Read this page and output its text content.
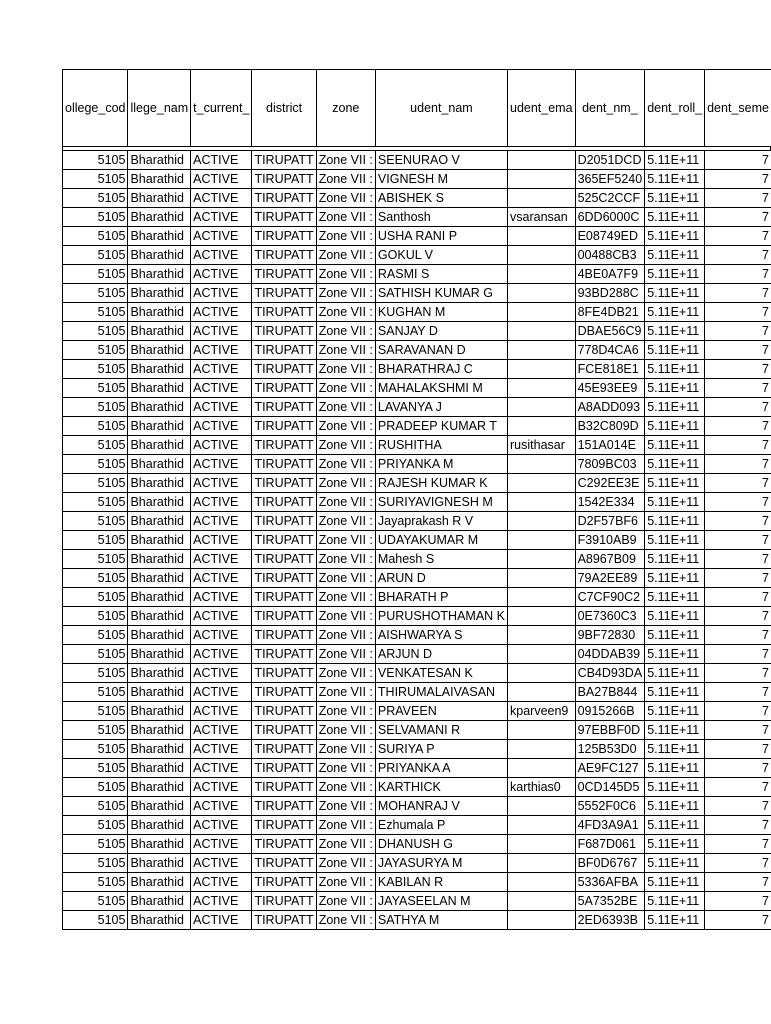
ollege_cod	llege_nam	t_current_	district	zone	udent_nam	udent_ema	dent_nm_	dent_roll_	dent_seme

5105	Bharathid	ACTIVE	TIRUPATT	Zone VII :	SEENURAO V		D2051DCD	5.11E+11	7
5105	Bharathid	ACTIVE	TIRUPATT	Zone VII :	VIGNESH M		365EF5240	5.11E+11	7
5105	Bharathid	ACTIVE	TIRUPATT	Zone VII :	ABISHEK S		525C2CCF	5.11E+11	7
5105	Bharathid	ACTIVE	TIRUPATT	Zone VII :	Santhosh	vsaransan	6DD6000C	5.11E+11	7
5105	Bharathid	ACTIVE	TIRUPATT	Zone VII :	USHA RANI P		E08749ED	5.11E+11	7
5105	Bharathid	ACTIVE	TIRUPATT	Zone VII :	GOKUL V		00488CB3	5.11E+11	7
5105	Bharathid	ACTIVE	TIRUPATT	Zone VII :	RASMI S		4BE0A7F9	5.11E+11	7
5105	Bharathid	ACTIVE	TIRUPATT	Zone VII :	SATHISH KUMAR G		93BD288C	5.11E+11	7
5105	Bharathid	ACTIVE	TIRUPATT	Zone VII :	KUGHAN M		8FE4DB21	5.11E+11	7
5105	Bharathid	ACTIVE	TIRUPATT	Zone VII :	SANJAY D		DBAE56C9	5.11E+11	7
5105	Bharathid	ACTIVE	TIRUPATT	Zone VII :	SARAVANAN D		778D4CA6	5.11E+11	7
5105	Bharathid	ACTIVE	TIRUPATT	Zone VII :	BHARATHRAJ C		FCE818E1	5.11E+11	7
5105	Bharathid	ACTIVE	TIRUPATT	Zone VII :	MAHALAKSHMI M		45E93EE9	5.11E+11	7
5105	Bharathid	ACTIVE	TIRUPATT	Zone VII :	LAVANYA J		A8ADD093	5.11E+11	7
5105	Bharathid	ACTIVE	TIRUPATT	Zone VII :	PRADEEP KUMAR T		B32C809D	5.11E+11	7
5105	Bharathid	ACTIVE	TIRUPATT	Zone VII :	RUSHITHA	rusithasar	151A014E	5.11E+11	7
5105	Bharathid	ACTIVE	TIRUPATT	Zone VII :	PRIYANKA M		7809BC03	5.11E+11	7
5105	Bharathid	ACTIVE	TIRUPATT	Zone VII :	RAJESH KUMAR K		C292EE3E	5.11E+11	7
5105	Bharathid	ACTIVE	TIRUPATT	Zone VII :	SURIYAVIGNESH M		1542E334	5.11E+11	7
5105	Bharathid	ACTIVE	TIRUPATT	Zone VII :	Jayaprakash R V		D2F57BF6	5.11E+11	7
5105	Bharathid	ACTIVE	TIRUPATT	Zone VII :	UDAYAKUMAR M		F3910AB9	5.11E+11	7
5105	Bharathid	ACTIVE	TIRUPATT	Zone VII :	Mahesh S		A8967B09	5.11E+11	7
5105	Bharathid	ACTIVE	TIRUPATT	Zone VII :	ARUN D		79A2EE89	5.11E+11	7
5105	Bharathid	ACTIVE	TIRUPATT	Zone VII :	BHARATH P		C7CF90C2	5.11E+11	7
5105	Bharathid	ACTIVE	TIRUPATT	Zone VII :	PURUSHOTHAMAN K		0E7360C3	5.11E+11	7
5105	Bharathid	ACTIVE	TIRUPATT	Zone VII :	AISHWARYA S		9BF72830	5.11E+11	7
5105	Bharathid	ACTIVE	TIRUPATT	Zone VII :	ARJUN D		04DDAB39	5.11E+11	7
5105	Bharathid	ACTIVE	TIRUPATT	Zone VII :	VENKATESAN K		CB4D93DA	5.11E+11	7
5105	Bharathid	ACTIVE	TIRUPATT	Zone VII :	THIRUMALAIVASAN		BA27B844	5.11E+11	7
5105	Bharathid	ACTIVE	TIRUPATT	Zone VII :	PRAVEEN	kparveen9	0915266B	5.11E+11	7
5105	Bharathid	ACTIVE	TIRUPATT	Zone VII :	SELVAMANI R		97EBBF0D	5.11E+11	7
5105	Bharathid	ACTIVE	TIRUPATT	Zone VII :	SURIYA P		125B53D0	5.11E+11	7
5105	Bharathid	ACTIVE	TIRUPATT	Zone VII :	PRIYANKA A		AE9FC127	5.11E+11	7
5105	Bharathid	ACTIVE	TIRUPATT	Zone VII :	KARTHICK	karthias0	0CD145D5	5.11E+11	7
5105	Bharathid	ACTIVE	TIRUPATT	Zone VII :	MOHANRAJ V		5552F0C6	5.11E+11	7
5105	Bharathid	ACTIVE	TIRUPATT	Zone VII :	Ezhumala P		4FD3A9A1	5.11E+11	7
5105	Bharathid	ACTIVE	TIRUPATT	Zone VII :	DHANUSH G		F687D061	5.11E+11	7
5105	Bharathid	ACTIVE	TIRUPATT	Zone VII :	JAYASURYA M		BF0D6767	5.11E+11	7
5105	Bharathid	ACTIVE	TIRUPATT	Zone VII :	KABILAN R		5336AFBA	5.11E+11	7
5105	Bharathid	ACTIVE	TIRUPATT	Zone VII :	JAYASEELAN M		5A7352BE	5.11E+11	7
5105	Bharathid	ACTIVE	TIRUPATT	Zone VII :	SATHYA M		2ED6393B	5.11E+11	7
